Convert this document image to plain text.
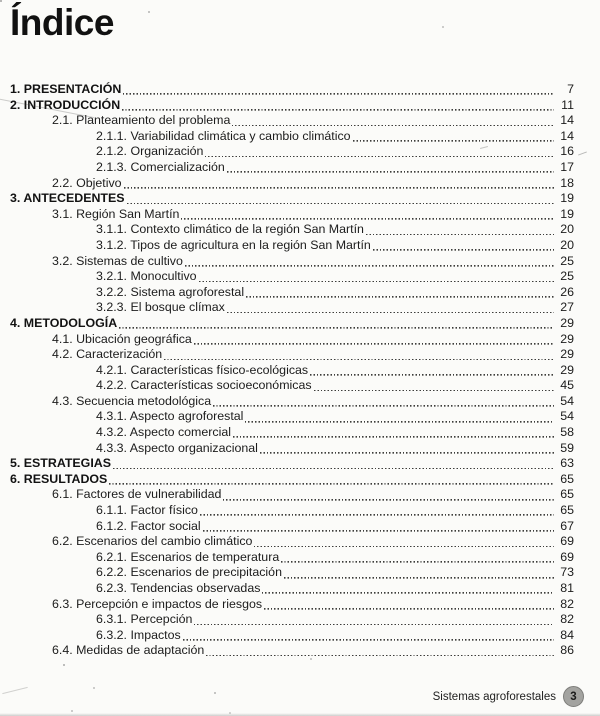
Índice
1. PRESENTACIÓN	7
2. INTRODUCCIÓN	11
2.1. Planteamiento del problema	14
2.1.1. Variabilidad climática y cambio climático	14
2.1.2. Organización	16
2.1.3. Comercialización	17
2.2. Objetivo	18
3. ANTECEDENTES	19
3.1. Región San Martín	19
3.1.1. Contexto climático de la región San Martín	20
3.1.2. Tipos de agricultura en la región San Martín	20
3.2. Sistemas de cultivo	25
3.2.1. Monocultivo	25
3.2.2. Sistema agroforestal	26
3.2.3. El bosque clímax	27
4. METODOLOGÍA	29
4.1. Ubicación geográfica	29
4.2. Caracterización	29
4.2.1. Características físico-ecológicas	29
4.2.2. Características socioeconómicas	45
4.3. Secuencia metodológica	54
4.3.1. Aspecto agroforestal	54
4.3.2. Aspecto comercial	58
4.3.3. Aspecto organizacional	59
5. ESTRATEGIAS	63
6. RESULTADOS	65
6.1. Factores de vulnerabilidad	65
6.1.1. Factor físico	65
6.1.2. Factor social	67
6.2. Escenarios del cambio climático	69
6.2.1. Escenarios de temperatura	69
6.2.2. Escenarios de precipitación	73
6.2.3. Tendencias observadas	81
6.3. Percepción e impactos de riesgos	82
6.3.1. Percepción	82
6.3.2. Impactos	84
6.4. Medidas de adaptación	86
Sistemas agroforestales	3
